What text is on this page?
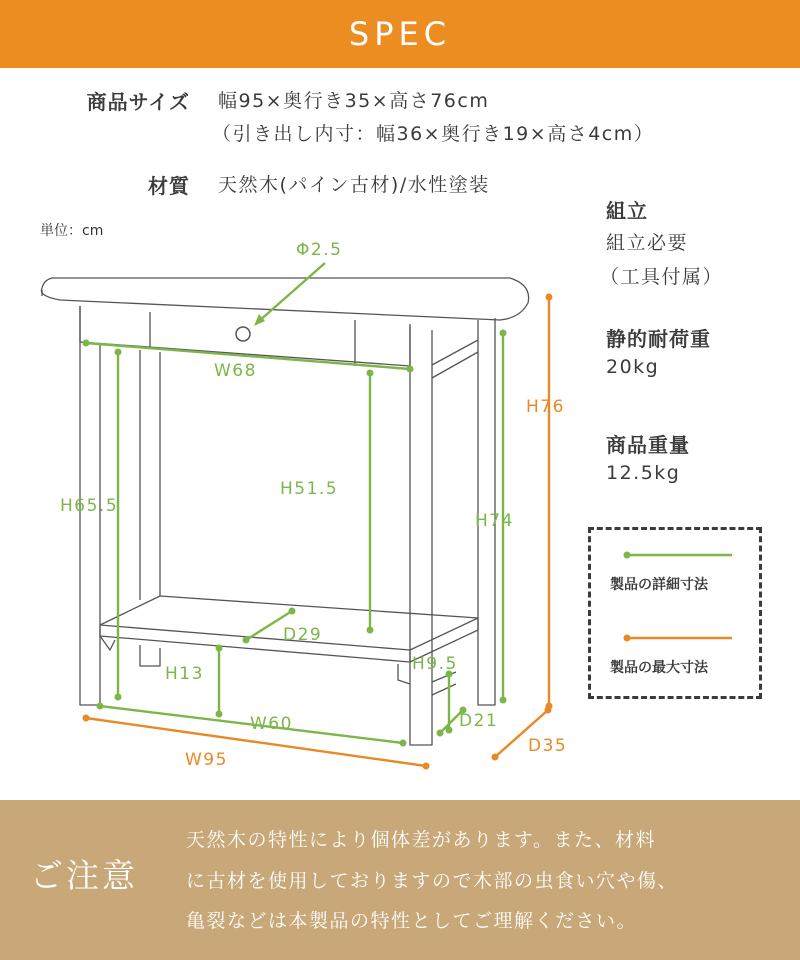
SPEC
商品サイズ 幅95×奥行き35×高さ76cm
（引き出し内寸：幅36×奥行き19×高さ4cm）
材質 天然木(パイン古材)/水性塗装
単位：cm
組立
組立必要
（工具付属）
静的耐荷重
20kg
商品重量
12.5kg
Φ2.5
W68
H51.5
H65.5
H74
H76
D29
H13	H9.5
W60	D21
W95
D35
製品の詳細寸法
製品の最大寸法
ご注意
天然木の特性により個体差があります。また、材料
に古材を使用しておりますので木部の虫食い穴や傷、
亀裂などは本製品の特性としてご理解ください。
